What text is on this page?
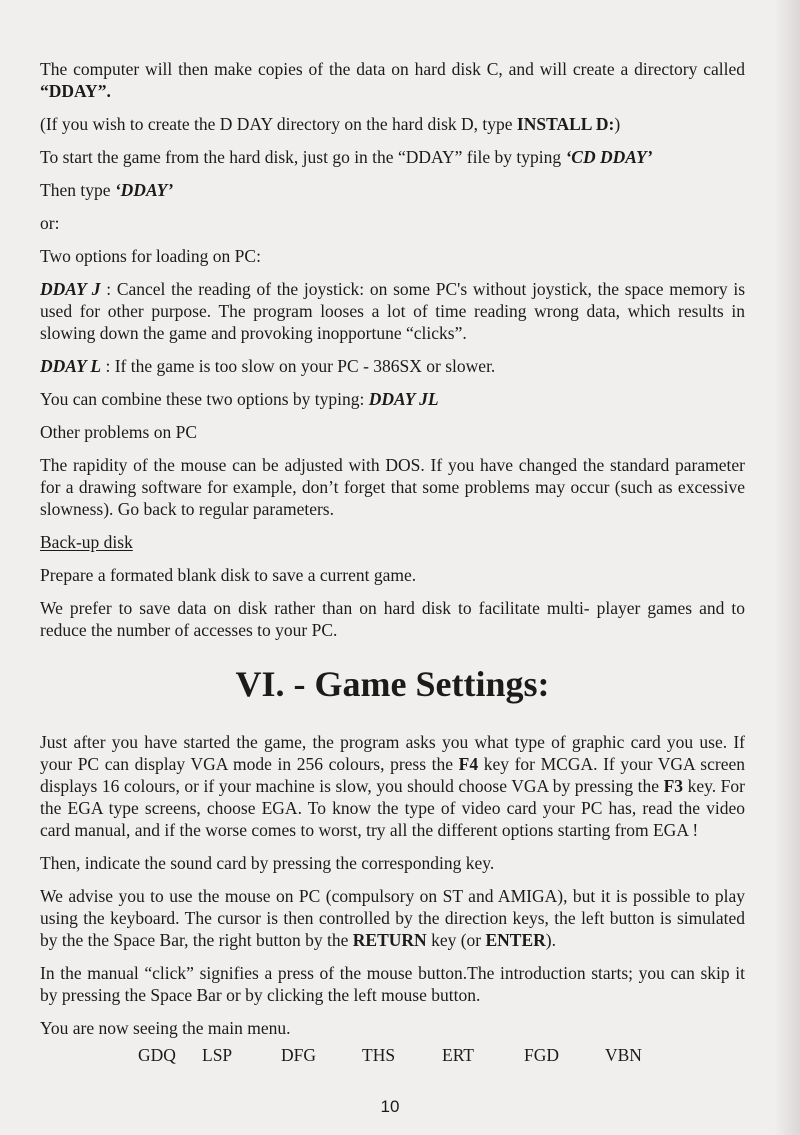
The computer will then make copies of the data on hard disk C, and will create a directory called “DDAY”.

(If you wish to create the D DAY directory on the hard disk D, type INSTALL D:)

To start the game from the hard disk, just go in the “DDAY” file by typing ‘CD DDAY’

Then type ‘DDAY’

or:

Two options for loading on PC:

DDAY J : Cancel the reading of the joystick: on some PC's without joystick, the space memory is used for other purpose. The program looses a lot of time reading wrong data, which results in slowing down the game and provoking inopportune “clicks”.

DDAY L : If the game is too slow on your PC - 386SX or slower.

You can combine these two options by typing: DDAY JL

Other problems on PC

The rapidity of the mouse can be adjusted with DOS. If you have changed the standard parameter for a drawing software for example, don’t forget that some problems may occur (such as excessive slowness). Go back to regular parameters.

Back-up disk

Prepare a formated blank disk to save a current game.

We prefer to save data on disk rather than on hard disk to facilitate multi- player games and to reduce the number of accesses to your PC.

VI. - Game Settings:

Just after you have started the game, the program asks you what type of graphic card you use. If your PC can display VGA mode in 256 colours, press the F4 key for MCGA. If your VGA screen displays 16 colours, or if your machine is slow, you should choose VGA by pressing the F3 key. For the EGA type screens, choose EGA. To know the type of video card your PC has, read the video card manual, and if the worse comes to worst, try all the different options starting from EGA !

Then, indicate the sound card by pressing the corresponding key.

We advise you to use the mouse on PC (compulsory on ST and AMIGA), but it is possible to play using the keyboard. The cursor is then controlled by the direction keys, the left button is simulated by the the Space Bar, the right button by the RETURN key (or ENTER).

In the manual “click” signifies a press of the mouse button.The introduction starts; you can skip it by pressing the Space Bar or by clicking the left mouse button.

You are now seeing the main menu.

GDQ LSP	DFG	THS	ERT	FGD	VBN
10
